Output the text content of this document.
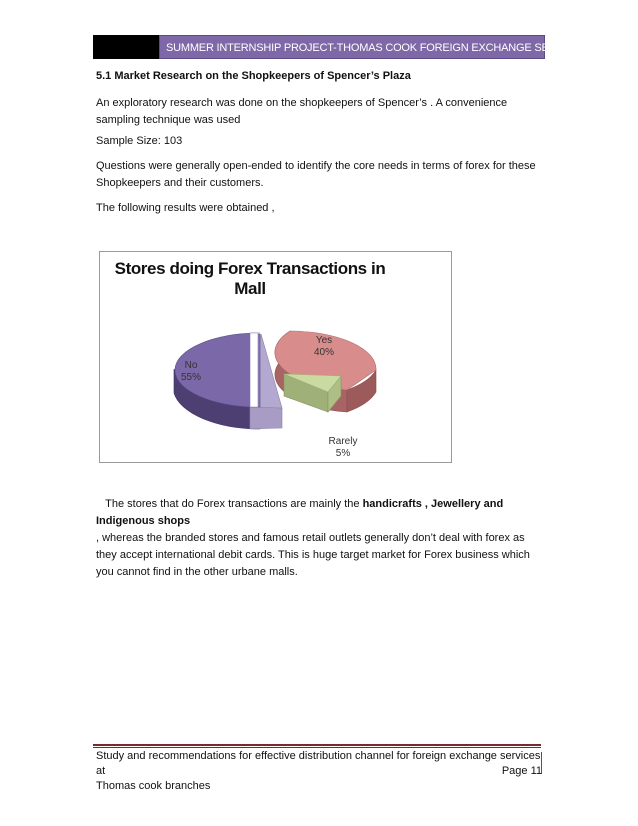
SUMMER INTERNSHIP PROJECT-THOMAS COOK FOREIGN EXCHANGE SERVICES
5.1 Market Research on the Shopkeepers of Spencer’s Plaza
An exploratory research was done on the shopkeepers of Spencer’s . A convenience sampling technique was used
Sample Size: 103
Questions were generally open-ended to identify the core needs in terms of forex for these Shopkeepers and their customers.
The following results were obtained ,
Stores doing Forex Transactions in Mall
Yes
40%
No
55%
Rarely
5%
The stores that do Forex transactions are mainly the handicrafts , Jewellery and Indigenous shops
, whereas the branded stores and famous retail outlets generally don’t deal with forex as they accept international debit cards. This is huge target market for Forex business which you cannot find in the other urbane malls.
Study and recommendations for effective distribution channel for foreign exchange services at
Thomas cook branches
Page 11
